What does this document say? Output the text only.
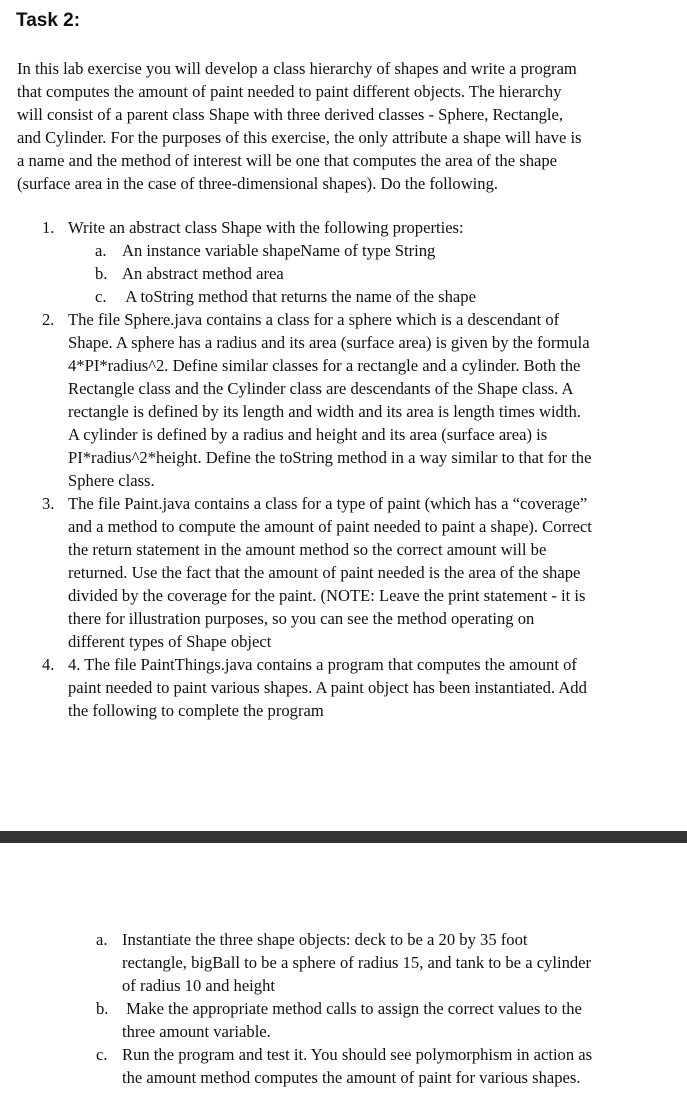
Task 2:
In this lab exercise you will develop a class hierarchy of shapes and write a program
that computes the amount of paint needed to paint different objects. The hierarchy
will consist of a parent class Shape with three derived classes - Sphere, Rectangle,
and Cylinder. For the purposes of this exercise, the only attribute a shape will have is
a name and the method of interest will be one that computes the area of the shape
(surface area in the case of three-dimensional shapes). Do the following.
1. Write an abstract class Shape with the following properties:
a. An instance variable shapeName of type String
b. An abstract method area
c. A toString method that returns the name of the shape
2. The file Sphere.java contains a class for a sphere which is a descendant of
Shape. A sphere has a radius and its area (surface area) is given by the formula
4*PI*radius^2. Define similar classes for a rectangle and a cylinder. Both the
Rectangle class and the Cylinder class are descendants of the Shape class. A
rectangle is defined by its length and width and its area is length times width.
A cylinder is defined by a radius and height and its area (surface area) is
PI*radius^2*height. Define the toString method in a way similar to that for the
Sphere class.
3. The file Paint.java contains a class for a type of paint (which has a “coverage”
and a method to compute the amount of paint needed to paint a shape). Correct
the return statement in the amount method so the correct amount will be
returned. Use the fact that the amount of paint needed is the area of the shape
divided by the coverage for the paint. (NOTE: Leave the print statement - it is
there for illustration purposes, so you can see the method operating on
different types of Shape object
4. 4. The file PaintThings.java contains a program that computes the amount of
paint needed to paint various shapes. A paint object has been instantiated. Add
the following to complete the program
a. Instantiate the three shape objects: deck to be a 20 by 35 foot
rectangle, bigBall to be a sphere of radius 15, and tank to be a cylinder
of radius 10 and height
b. Make the appropriate method calls to assign the correct values to the
three amount variable.
c. Run the program and test it. You should see polymorphism in action as
the amount method computes the amount of paint for various shapes.
